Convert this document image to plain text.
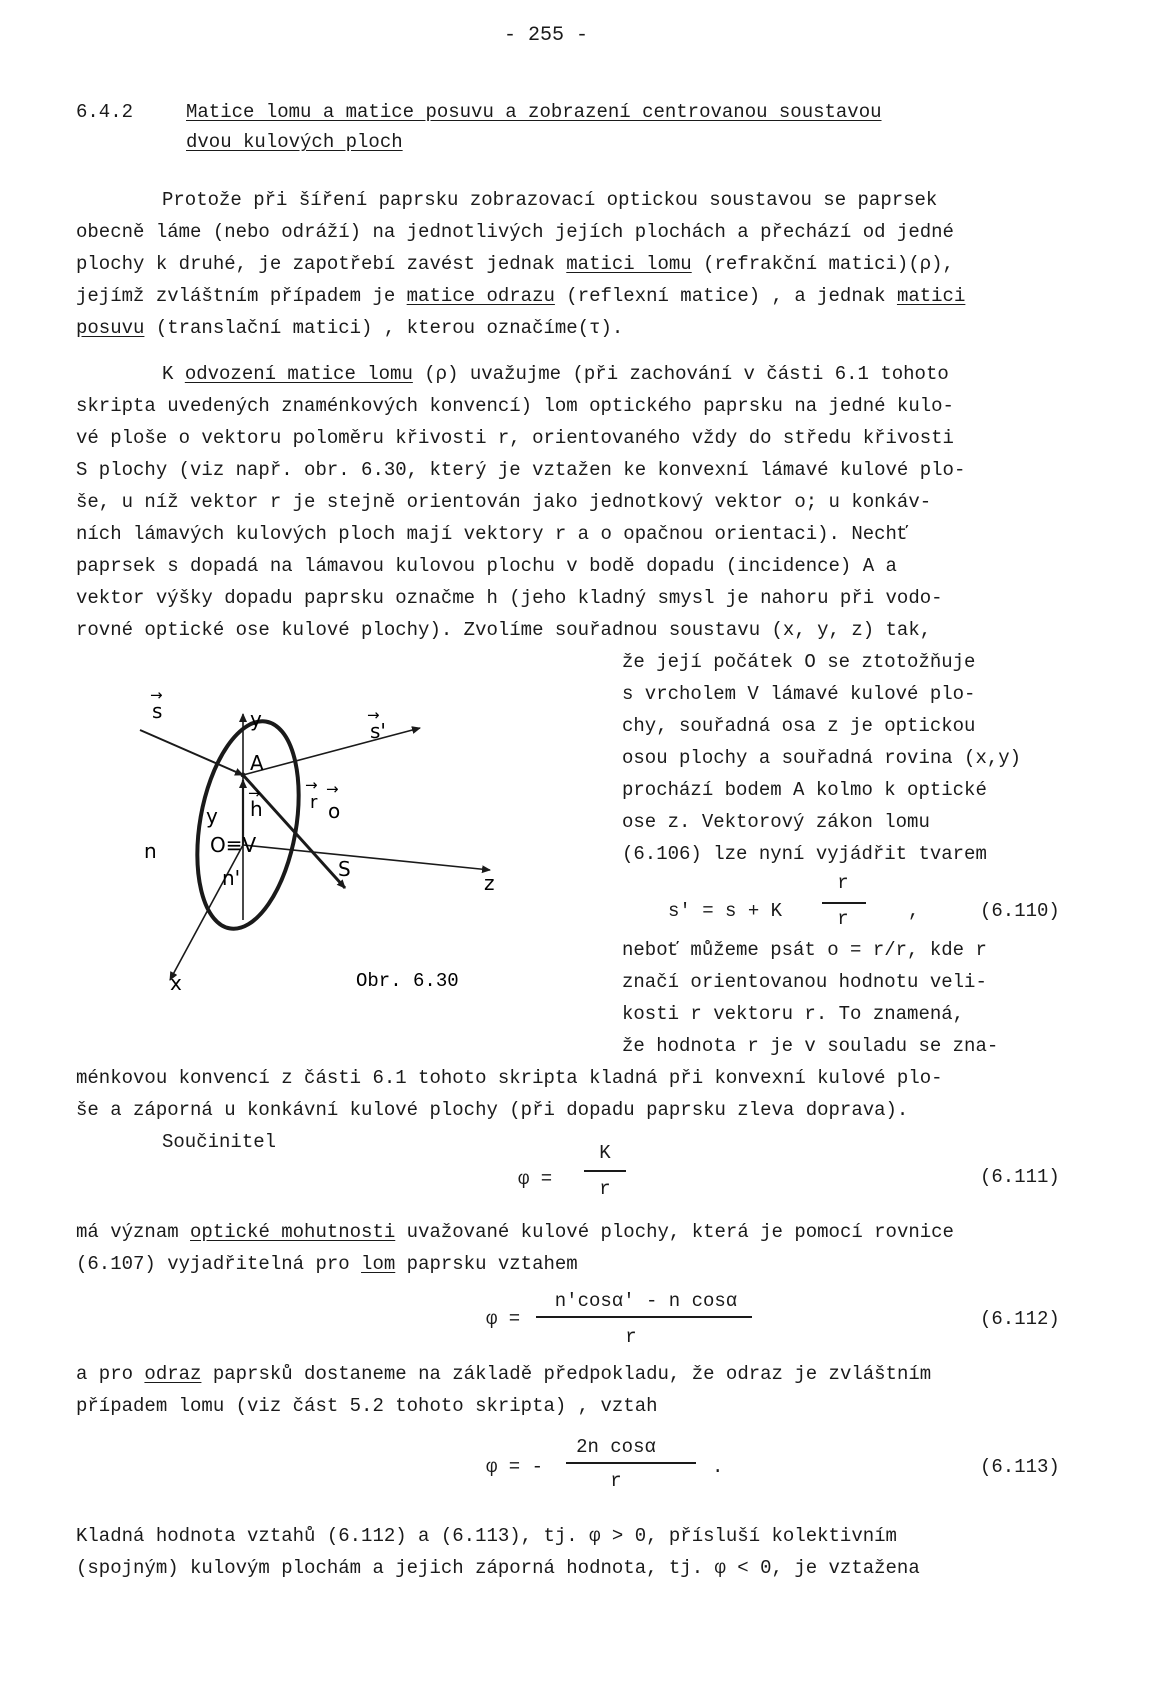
- 255 -
6.4.2	Matice lomu a matice posuvu a zobrazení centrovanou soustavou
dvou kulových ploch
Protože při šíření paprsku zobrazovací optickou soustavou se paprsek
obecně láme (nebo odráží) na jednotlivých jejích plochách a přechází od jedné
plochy k druhé, je zapotřebí zavést jednak matici lomu (refrakční matici)(ρ),
jejímž zvláštním případem je matice odrazu (reflexní matice) , a jednak matici
posuvu (translační matici) , kterou označíme(τ).
K odvození matice lomu (ρ) uvažujme (při zachování v části 6.1 tohoto
skripta uvedených znaménkových konvencí) lom optického paprsku na jedné kulo-
vé ploše o vektoru poloměru křivosti r, orientovaného vždy do středu křivosti
S plochy (viz např. obr. 6.30, který je vztažen ke konvexní lámavé kulové plo-
še, u níž vektor r je stejně orientován jako jednotkový vektor o; u konkáv-
ních lámavých kulových ploch mají vektory r a o opačnou orientaci). Nechť
paprsek s dopadá na lámavou kulovou plochu v bodě dopadu (incidence) A a
vektor výšky dopadu paprsku označme h (jeho kladný smysl je nahoru při vodo-
rovné optické ose kulové plochy). Zvolíme souřadnou soustavu (x, y, z) tak,
že její počátek O se ztotožňuje
s vrcholem V lámavé kulové plo-
chy, souřadná osa z je optickou
osou plochy a souřadná rovina (x,y)
prochází bodem A kolmo k optické
ose z. Vektorový zákon lomu
(6.106) lze nyní vyjádřit tvarem
s' = s + K
r
r	,	(6.110)
neboť můžeme psát o = r/r, kde r
značí orientovanou hodnotu veli-
kosti r vektoru r. To znamená,
že hodnota r je v souladu se zna-
→
s	→
s'
y
A
→
r
→
o
y
→
h
O≡V
n
n'	S
z
x	Obr. 6.30
ménkovou konvencí z části 6.1 tohoto skripta kladná při konvexní kulové plo-
še a záporná u konkávní kulové plochy (při dopadu paprsku zleva doprava).
Součinitel
φ =
K
r
(6.111)
má význam optické mohutnosti uvažované kulové plochy, která je pomocí rovnice
(6.107) vyjadřitelná pro lom paprsku vztahem
φ =
n'cosα' - n cosα
r
(6.112)
a pro odraz paprsků dostaneme na základě předpokladu, že odraz je zvláštním
případem lomu (viz část 5.2 tohoto skripta) , vztah
φ = -
2n cosα
r
.	(6.113)
Kladná hodnota vztahů (6.112) a (6.113), tj. φ > 0, přísluší kolektivním
(spojným) kulovým plochám a jejich záporná hodnota, tj. φ < 0, je vztažena
